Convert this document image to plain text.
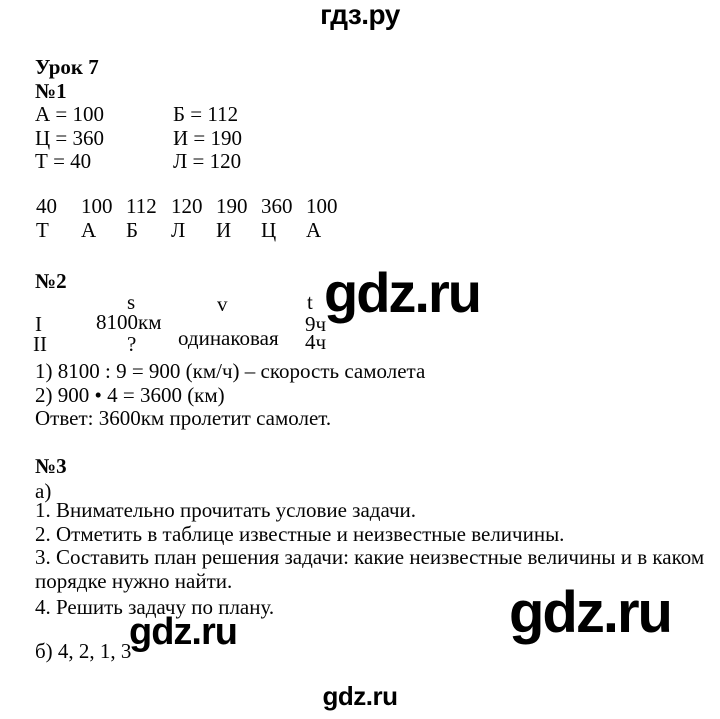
гдз.ру
Урок 7
№1
А = 100	Б = 112
Ц = 360	И = 190
Т = 40	Л = 120
40	100 112 120 190 360 100
Т	А	Б	Л	И	Ц	А
№2
s	v	t
I	8100км	9ч
одинаковая
II	?	4ч
1) 8100 : 9 = 900 (км/ч) – скорость самолета
2) 900 • 4 = 3600 (км)
Ответ: 3600км пролетит самолет.
№3
а)
1. Внимательно прочитать условие задачи.
2. Отметить в таблице известные и неизвестные величины.
3. Составить план решения задачи: какие неизвестные величины и в каком порядке нужно найти.
4. Решить задачу по плану.
б) 4, 2, 1, 3
gdz.ru
gdz.ru	gdz.ru
gdz.ru
